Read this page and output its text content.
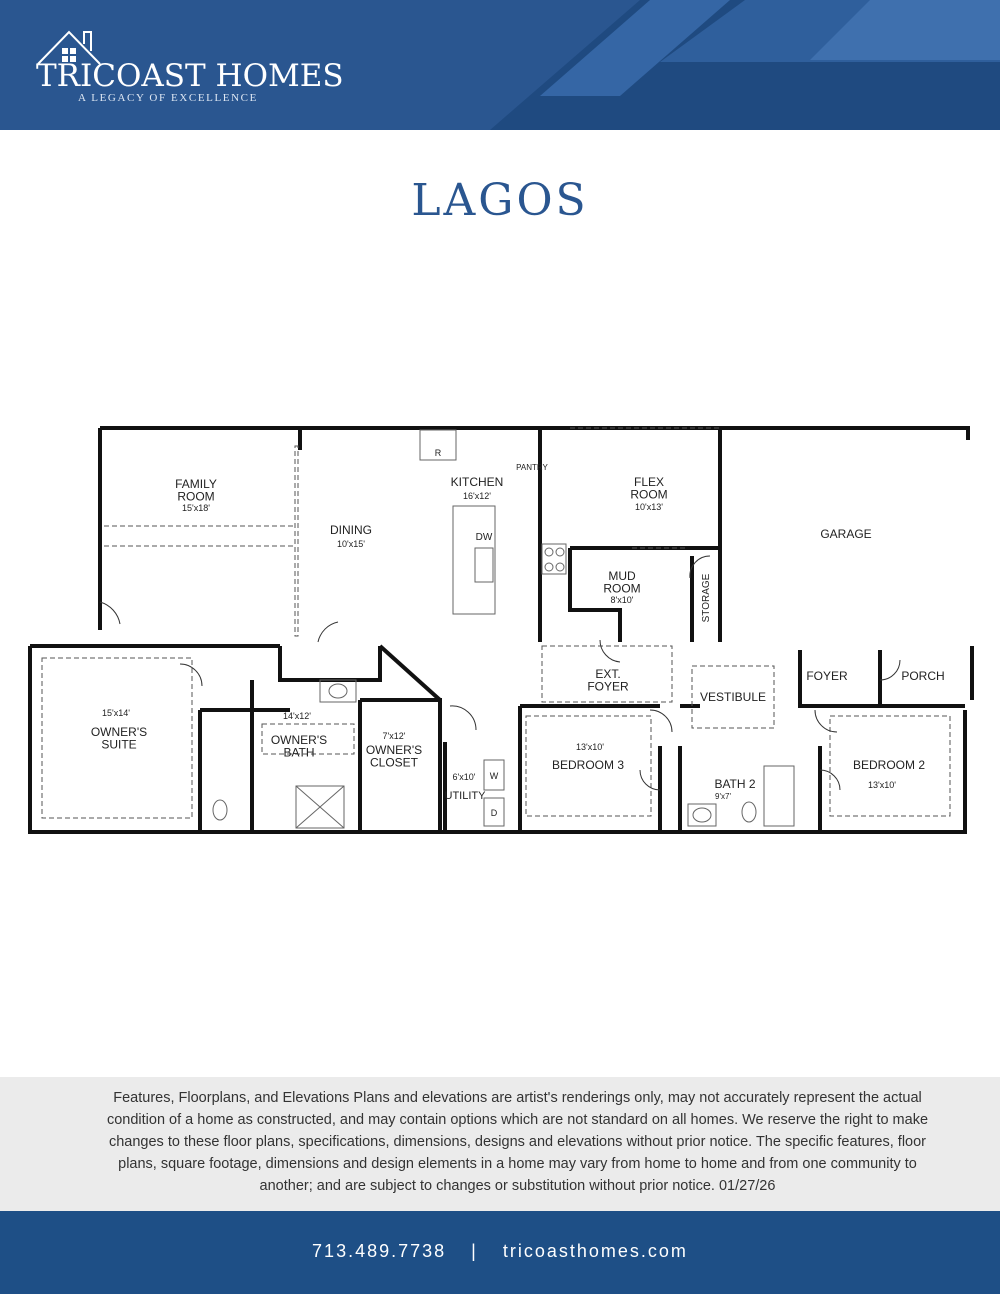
TRICOAST HOMES
A LEGACY OF EXCELLENCE
LAGOS
FAMILY ROOM
15'x18'
DINING
10'x15'
KITCHEN
16'x12'
PANTRY
FLEX ROOM
10'x13'
GARAGE
MUD ROOM
8'x10'	STORAGE
EXT. FOYER
VESTIBULE
FOYER	PORCH
15'x14'
OWNER'S SUITE
14'x12'
OWNER'S BATH
7'x12'
OWNER'S CLOSET
6'x10'
UTILITY
13'x10'
BEDROOM 3
BATH 2
9'x7'
BEDROOM 2
13'x10'
R
DW
W
D

Features, Floorplans, and Elevations Plans and elevations are artist's renderings only, may not accurately represent the actual condition of a home as constructed, and may contain options which are not standard on all homes. We reserve the right to make changes to these floor plans, specifications, dimensions, designs and elevations without prior notice. The specific features, floor plans, square footage, dimensions and design elements in a home may vary from home to home and from one community to another; and are subject to changes or substitution without prior notice. 01/27/26

713.489.7738 | tricoasthomes.com
